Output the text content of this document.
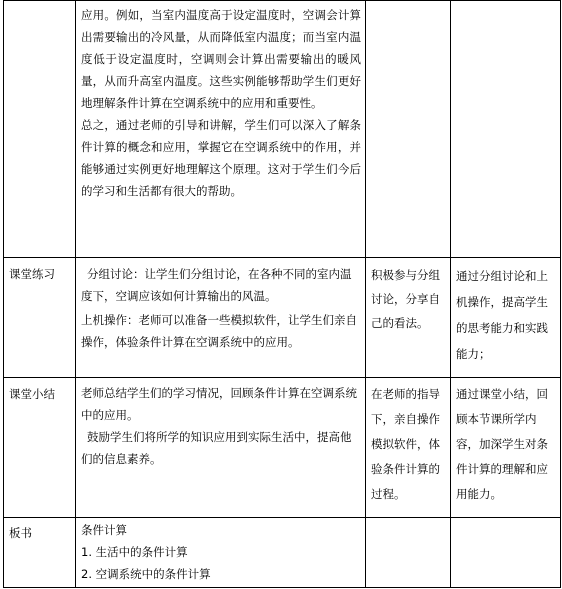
	应用。例如，当室内温度高于设定温度时，空调会计算出需要输出的冷风量，从而降低室内温度；而当室内温度低于设定温度时，空调则会计算出需要输出的暖风量，从而升高室内温度。这些实例能够帮助学生们更好地理解条件计算在空调系统中的应用和重要性。
总之，通过老师的引导和讲解，学生们可以深入了解条件计算的概念和应用，掌握它在空调系统中的作用，并能够通过实例更好地理解这个原理。这对于学生们今后的学习和生活都有很大的帮助。		

课堂练习	分组讨论：让学生们分组讨论，在各种不同的室内温度下，空调应该如何计算输出的风温。
上机操作：老师可以准备一些模拟软件，让学生们亲自操作，体验条件计算在空调系统中的应用。	积极参与分组讨论，分享自己的看法。	通过分组讨论和上机操作，提高学生的思考能力和实践能力；
课堂小结	老师总结学生们的学习情况，回顾条件计算在空调系统中的应用。
鼓励学生们将所学的知识应用到实际生活中，提高他们的信息素养。	在老师的指导下，亲自操作模拟软件，体验条件计算的过程。	通过课堂小结，回顾本节课所学内容，加深学生对条件计算的理解和应用能力。
板书	条件计算
1. 生活中的条件计算
2. 空调系统中的条件计算		
